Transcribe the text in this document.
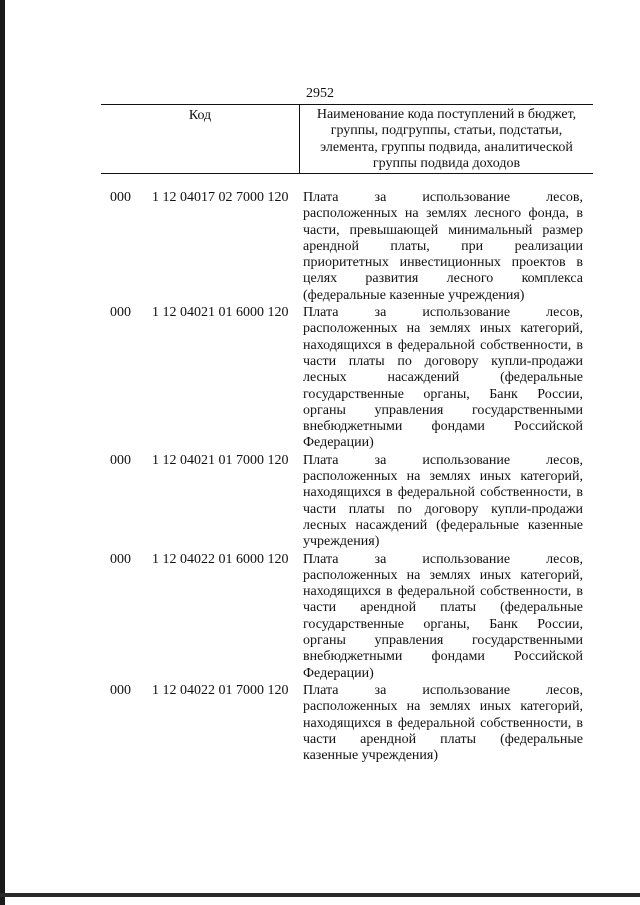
2952
Код	Наименование кода поступлений в бюджет,
группы, подгруппы, статьи, подстатьи,
элемента, группы подвида, аналитической
группы подвида доходов
000	1 12 04017 02 7000 120	Плата за использование лесов,
расположенных на землях лесного фонда, в
части, превышающей минимальный размер
арендной платы, при реализации
приоритетных инвестиционных проектов в
целях развития лесного комплекса
(федеральные казенные учреждения)
000	1 12 04021 01 6000 120	Плата за использование лесов,
расположенных на землях иных категорий,
находящихся в федеральной собственности, в
части платы по договору купли-продажи
лесных насаждений (федеральные
государственные органы, Банк России,
органы управления государственными
внебюджетными фондами Российской
Федерации)
000	1 12 04021 01 7000 120	Плата за использование лесов,
расположенных на землях иных категорий,
находящихся в федеральной собственности, в
части платы по договору купли-продажи
лесных насаждений (федеральные казенные
учреждения)
000	1 12 04022 01 6000 120	Плата за использование лесов,
расположенных на землях иных категорий,
находящихся в федеральной собственности, в
части арендной платы (федеральные
государственные органы, Банк России,
органы управления государственными
внебюджетными фондами Российской
Федерации)
000	1 12 04022 01 7000 120	Плата за использование лесов,
расположенных на землях иных категорий,
находящихся в федеральной собственности, в
части арендной платы (федеральные
казенные учреждения)
